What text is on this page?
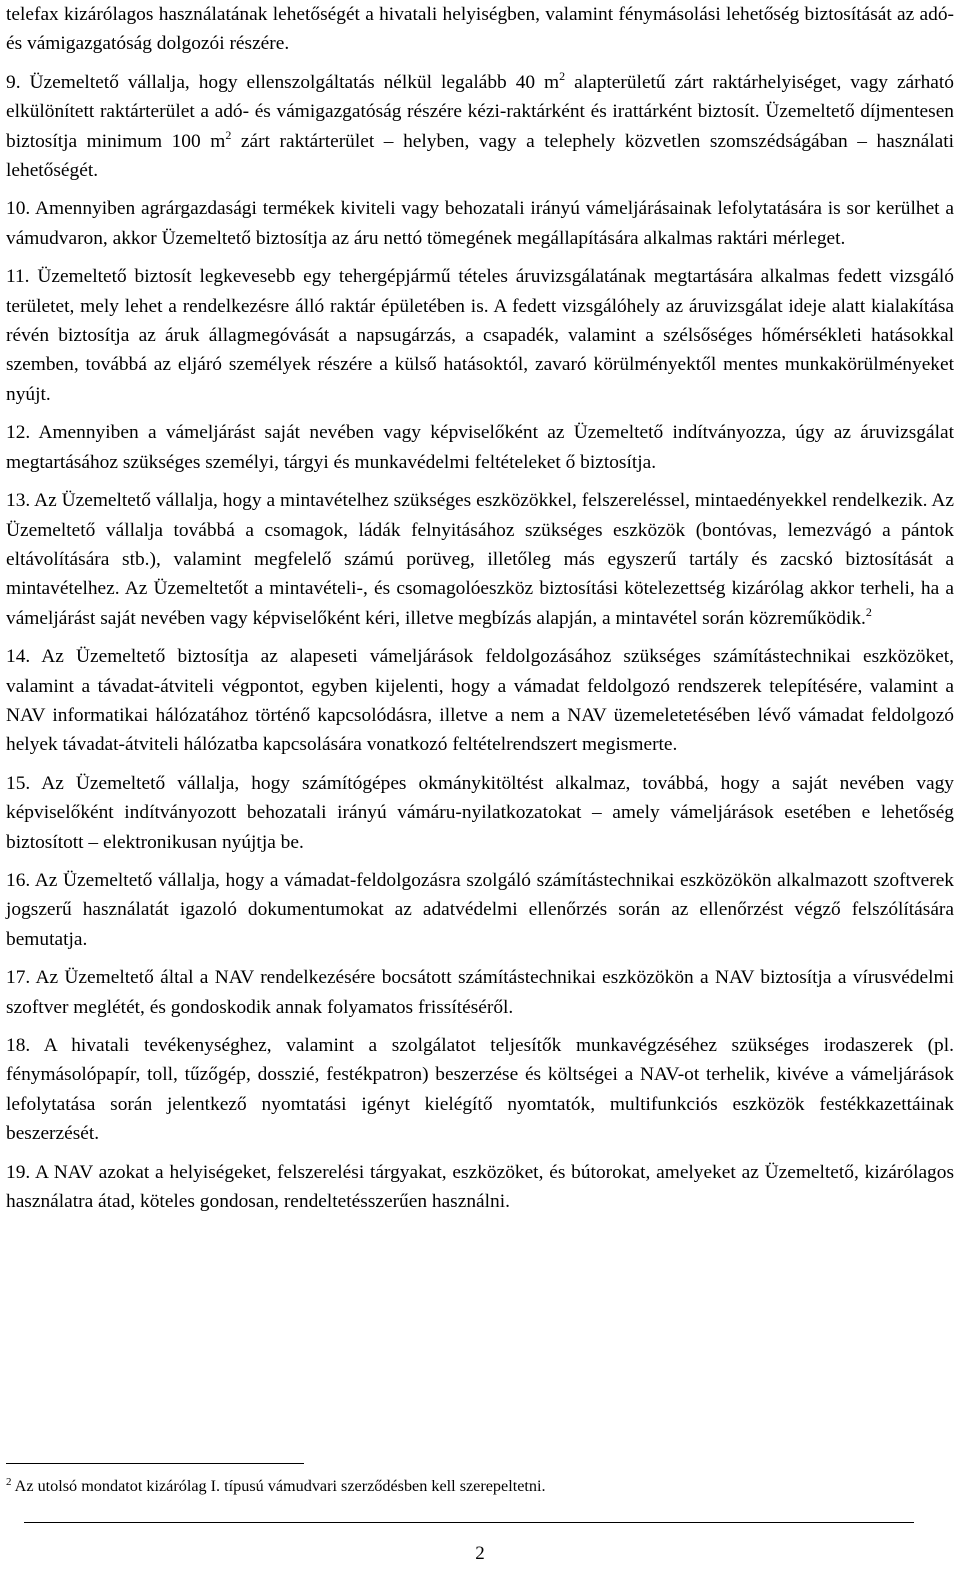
telefax kizárólagos használatának lehetőségét a hivatali helyiségben, valamint fénymásolási lehetőség biztosítását az adó- és vámigazgatóság dolgozói részére.

9. Üzemeltető vállalja, hogy ellenszolgáltatás nélkül legalább 40 $m^2$ alapterületű zárt raktárhelyiséget, vagy zárható elkülönített raktárterület a adó- és vámigazgatóság részére kézi-raktárként és irattárként biztosít. Üzemeltető díjmentesen biztosítja minimum 100 $m^2$ zárt raktárterület – helyben, vagy a telephely közvetlen szomszédságában – használati lehetőségét.

10. Amennyiben agrárgazdasági termékek kiviteli vagy behozatali irányú vámeljárásainak lefolytatására is sor kerülhet a vámudvaron, akkor Üzemeltető biztosítja az áru nettó tömegének megállapítására alkalmas raktári mérleget.

11. Üzemeltető biztosít legkevesebb egy tehergépjármű tételes áruvizsgálatának megtartására alkalmas fedett vizsgáló területet, mely lehet a rendelkezésre álló raktár épületében is. A fedett vizsgálóhely az áruvizsgálat ideje alatt kialakítása révén biztosítja az áruk állagmegóvását a napsugárzás, a csapadék, valamint a szélsőséges hőmérsékleti hatásokkal szemben, továbbá az eljáró személyek részére a külső hatásoktól, zavaró körülményektől mentes munkakörülményeket nyújt.

12. Amennyiben a vámeljárást saját nevében vagy képviselőként az Üzemeltető indítványozza, úgy az áruvizsgálat megtartásához szükséges személyi, tárgyi és munkavédelmi feltételeket ő biztosítja.

13. Az Üzemeltető vállalja, hogy a mintavételhez szükséges eszközökkel, felszereléssel, mintaedényekkel rendelkezik. Az Üzemeltető vállalja továbbá a csomagok, ládák felnyitásához szükséges eszközök (bontóvas, lemezvágó a pántok eltávolítására stb.), valamint megfelelő számú porüveg, illetőleg más egyszerű tartály és zacskó biztosítását a mintavételhez. Az Üzemeltetőt a mintavételi-, és csomagolóeszköz biztosítási kötelezettség kizárólag akkor terheli, ha a vámeljárást saját nevében vagy képviselőként kéri, illetve megbízás alapján, a mintavétel során közreműködik.$^2$

14. Az Üzemeltető biztosítja az alapeseti vámeljárások feldolgozásához szükséges számítástechnikai eszközöket, valamint a távadat-átviteli végpontot, egyben kijelenti, hogy a vámadat feldolgozó rendszerek telepítésére, valamint a NAV informatikai hálózatához történő kapcsolódásra, illetve a nem a NAV üzemeletetésében lévő vámadat feldolgozó helyek távadat-átviteli hálózatba kapcsolására vonatkozó feltételrendszert megismerte.

15. Az Üzemeltető vállalja, hogy számítógépes okmánykitöltést alkalmaz, továbbá, hogy a saját nevében vagy képviselőként indítványozott behozatali irányú vámáru-nyilatkozatokat – amely vámeljárások esetében e lehetőség biztosított – elektronikusan nyújtja be.

16. Az Üzemeltető vállalja, hogy a vámadat-feldolgozásra szolgáló számítástechnikai eszközökön alkalmazott szoftverek jogszerű használatát igazoló dokumentumokat az adatvédelmi ellenőrzés során az ellenőrzést végző felszólítására bemutatja.

17. Az Üzemeltető által a NAV rendelkezésére bocsátott számítástechnikai eszközökön a NAV biztosítja a vírusvédelmi szoftver meglétét, és gondoskodik annak folyamatos frissítéséről.

18. A hivatali tevékenységhez, valamint a szolgálatot teljesítők munkavégzéséhez szükséges irodaszerek (pl. fénymásolópapír, toll, tűzőgép, dosszié, festékpatron) beszerzése és költségei a NAV-ot terhelik, kivéve a vámeljárások lefolytatása során jelentkező nyomtatási igényt kielégítő nyomtatók, multifunkciós eszközök festékkazettáinak beszerzését.

19. A NAV azokat a helyiségeket, felszerelési tárgyakat, eszközöket, és bútorokat, amelyeket az Üzemeltető, kizárólagos használatra átad, köteles gondosan, rendeltetésszerűen használni.

$^2$ Az utolsó mondatot kizárólag I. típusú vámudvari szerződésben kell szerepeltetni.

2
